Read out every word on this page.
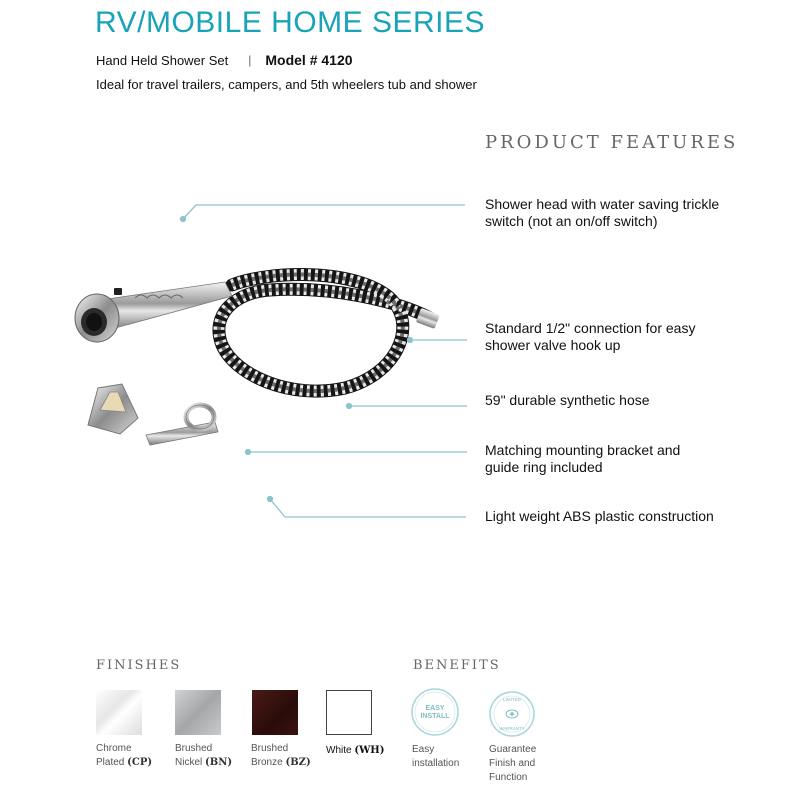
RV/MOBILE HOME SERIES
Hand Held Shower Set | Model # 4120
Ideal for travel trailers, campers, and 5th wheelers tub and shower
PRODUCT FEATURES
Shower head with water saving trickle
switch (not an on/off switch)
Standard 1/2" connection for easy
shower valve hook up
59" durable synthetic hose
Matching mounting bracket and
guide ring included
Light weight ABS plastic construction
FINISHES
Chrome
Plated (CP)
Brushed
Nickel (BN)
Brushed
Bronze (BZ)
White (WH)
BENEFITS
EASY
INSTALL
LIMITED
WARRANTY
Easy
installation
Guarantee
Finish and
Function
